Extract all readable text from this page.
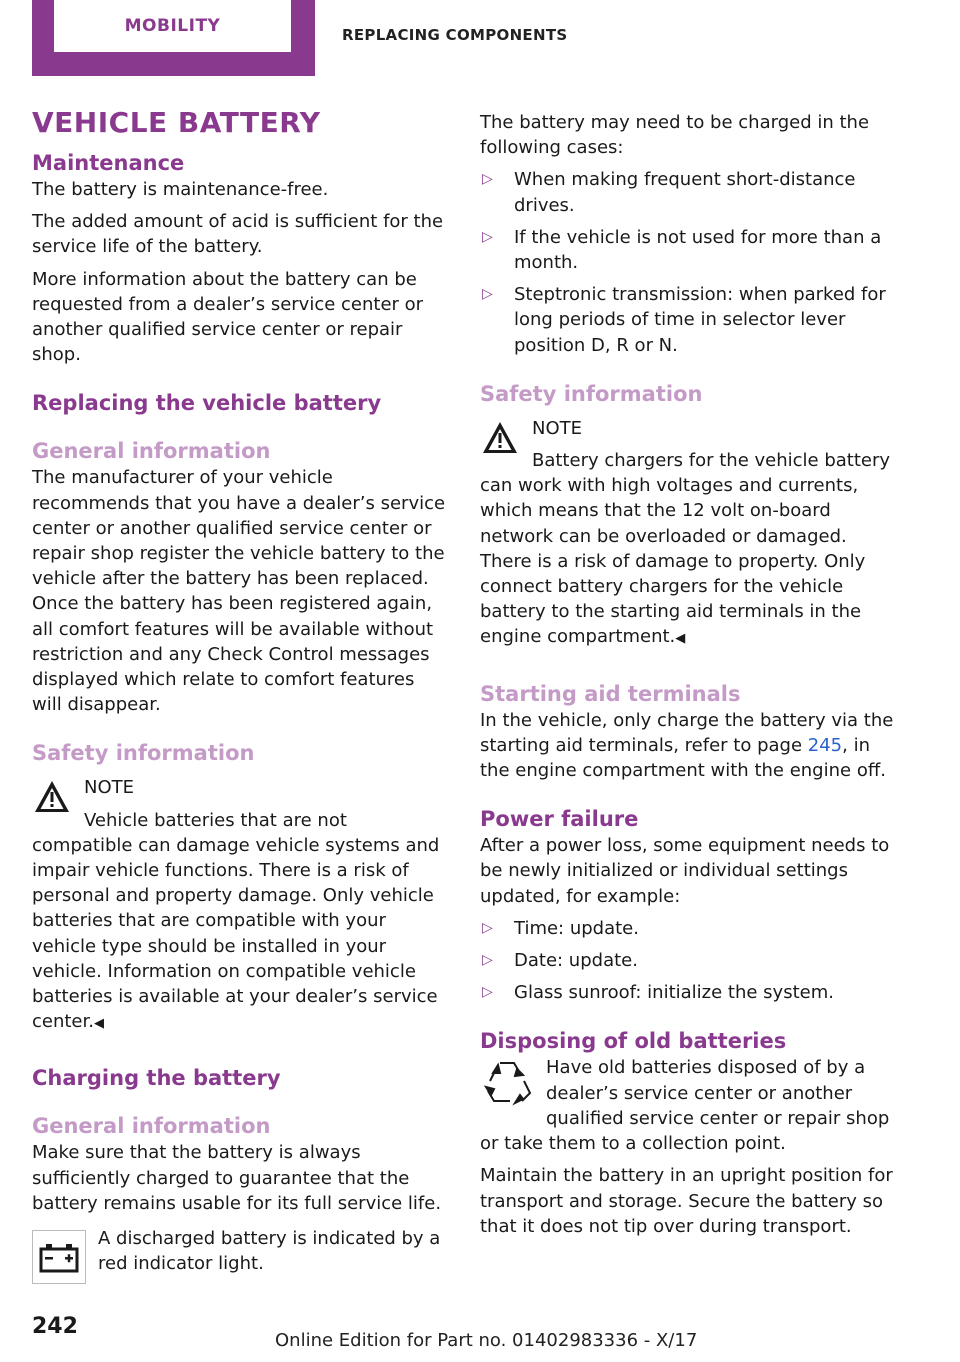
MOBILITY	REPLACING COMPONENTS
VEHICLE BATTERY
Maintenance

The battery is maintenance-free.

The added amount of acid is sufficient for the service life of the battery.

More information about the battery can be requested from a dealer’s service center or another qualified service center or repair shop.

Replacing the vehicle battery
General information

The manufacturer of your vehicle recommends that you have a dealer’s service center or another qualified service center or repair shop register the vehicle battery to the vehicle after the battery has been replaced. Once the battery has been registered again, all comfort features will be available without restriction and any Check Control messages displayed which relate to comfort features will disappear.

Safety information
NOTE
Vehicle batteries that are not compatible can damage vehicle systems and impair vehicle functions. There is a risk of personal and property damage. Only vehicle batteries that are compatible with your vehicle type should be installed in your vehicle. Information on compatible vehicle batteries is available at your dealer’s service center.◀
Charging the battery
General information

Make sure that the battery is always sufficiently charged to guarantee that the battery remains usable for its full service life.

A discharged battery is indicated by a red indicator light.

The battery may need to be charged in the following cases:

▷ When making frequent short-distance drives.
▷ If the vehicle is not used for more than a month.
▷ Steptronic transmission: when parked for long periods of time in selector lever position D, R or N.
Safety information
NOTE
Battery chargers for the vehicle battery can work with high voltages and currents, which means that the 12 volt on-board network can be overloaded or damaged. There is a risk of damage to property. Only connect battery chargers for the vehicle battery to the starting aid terminals in the engine compartment.◀
Starting aid terminals

In the vehicle, only charge the battery via the starting aid terminals, refer to page 245, in the engine compartment with the engine off.

Power failure

After a power loss, some equipment needs to be newly initialized or individual settings updated, for example:

▷ Time: update.
▷ Date: update.
▷ Glass sunroof: initialize the system.
Disposing of old batteries

Have old batteries disposed of by a dealer’s service center or another qualified service center or repair shop or take them to a collection point.

Maintain the battery in an upright position for transport and storage. Secure the battery so that it does not tip over during transport.

242
Online Edition for Part no. 01402983336 - X/17
